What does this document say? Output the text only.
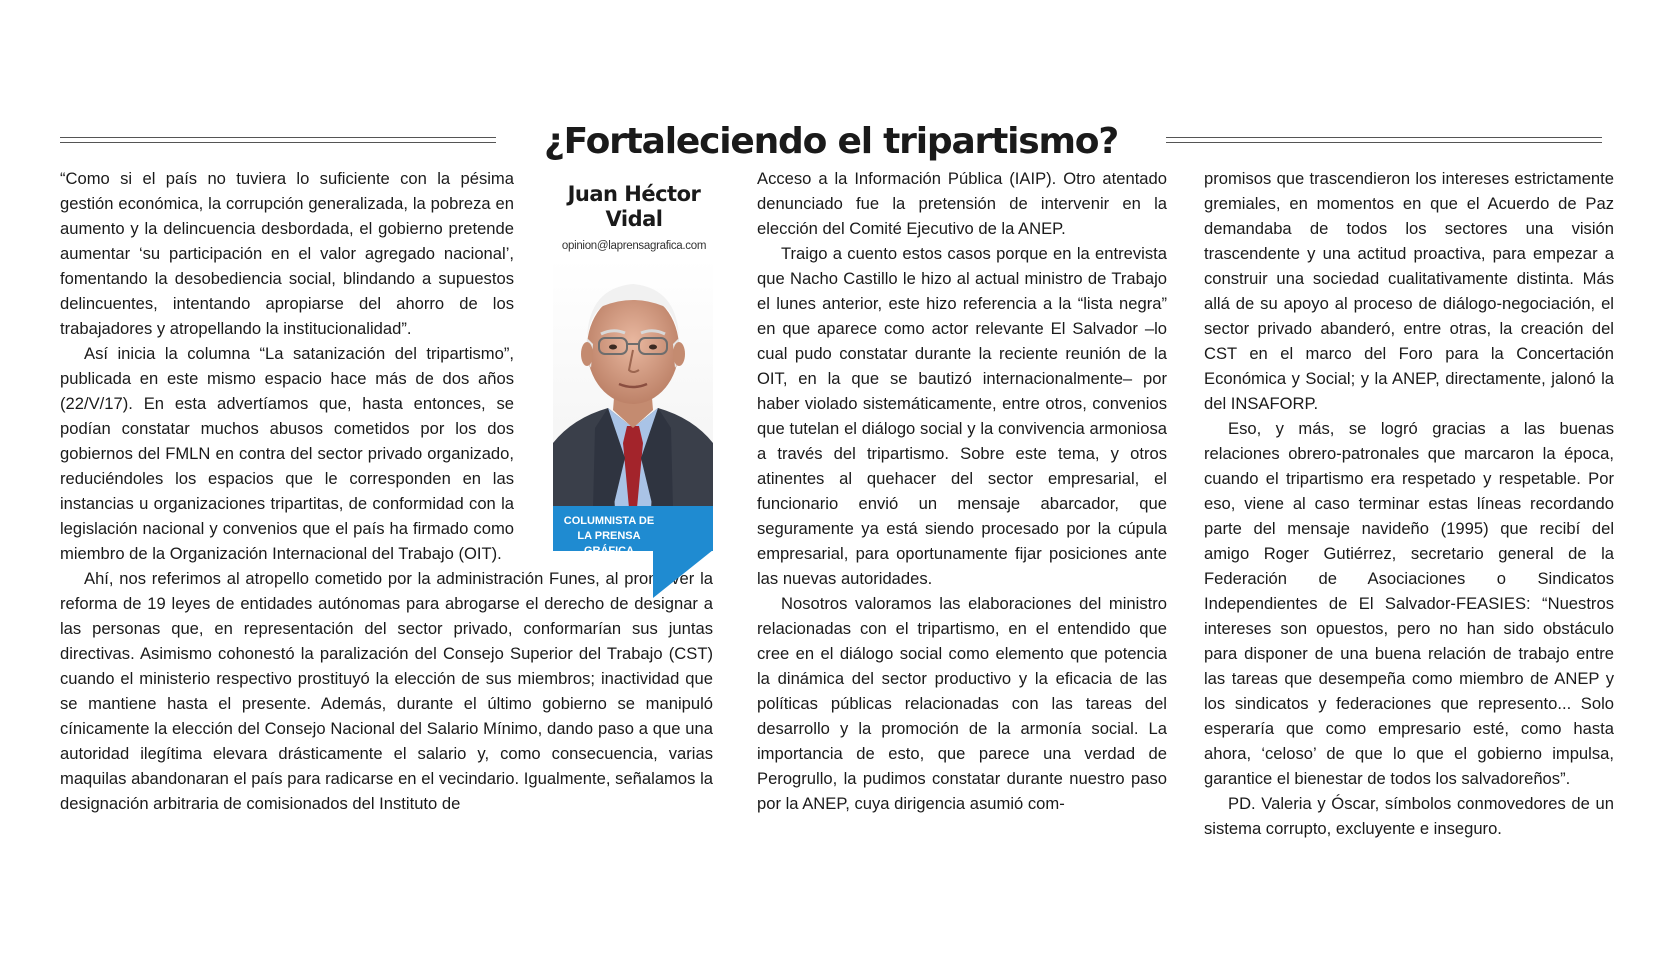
¿Fortaleciendo el tripartismo?

“Como si el país no tuviera lo suficiente con la pésima gestión económica, la corrupción generalizada, la pobreza en aumento y la delincuencia desbordada, el gobierno pretende aumentar ‘su participación en el valor agregado nacional’, fomentando la desobediencia social, blindando a supuestos delincuentes, intentando apropiarse del ahorro de los trabajadores y atropellando la institucionalidad”.

Así inicia la columna “La satanización del tripartismo”, publicada en este mismo espacio hace más de dos años (22/V/17). En esta advertíamos que, hasta entonces, se podían constatar muchos abusos cometidos por los dos gobiernos del FMLN en contra del sector privado organizado, reduciéndoles los espacios que le corresponden en las instancias u organizaciones tripartitas, de conformidad con la legislación nacional y convenios que el país ha firmado como miembro de la Organización Internacional del Trabajo (OIT).

Ahí, nos referimos al atropello cometido por la administración Funes, al promover la reforma de 19 leyes de entidades autónomas para abrogarse el derecho de designar a las personas que, en representación del sector privado, conformarían sus juntas directivas. Asimismo cohonestó la paralización del Consejo Superior del Trabajo (CST) cuando el ministerio respectivo prostituyó la elección de sus miembros; inactividad que se mantiene hasta el presente. Además, durante el último gobierno se manipuló cínicamente la elección del Consejo Nacional del Salario Mínimo, dando paso a que una autoridad ilegítima elevara drásticamente el salario y, como consecuencia, varias maquilas abandonaran el país para radicarse en el vecindario. Igualmente, señalamos la designación arbitraria de comisionados del Instituto de

Juan Héctor
Vidal
opinion@laprensagrafica.com
COLUMNISTA DE
LA PRENSA GRÁFICA

Acceso a la Información Pública (IAIP). Otro atentado denunciado fue la pretensión de intervenir en la elección del Comité Ejecutivo de la ANEP.

Traigo a cuento estos casos porque en la entrevista que Nacho Castillo le hizo al actual ministro de Trabajo el lunes anterior, este hizo referencia a la “lista negra” en que aparece como actor relevante El Salvador –lo cual pudo constatar durante la reciente reunión de la OIT, en la que se bautizó internacionalmente– por haber violado sistemáticamente, entre otros, convenios que tutelan el diálogo social y la convivencia armoniosa a través del tripartismo. Sobre este tema, y otros atinentes al quehacer del sector empresarial, el funcionario envió un mensaje abarcador, que seguramente ya está siendo procesado por la cúpula empresarial, para oportunamente fijar posiciones ante las nuevas autoridades.

Nosotros valoramos las elaboraciones del ministro relacionadas con el tripartismo, en el entendido que cree en el diálogo social como elemento que potencia la dinámica del sector productivo y la eficacia de las políticas públicas relacionadas con las tareas del desarrollo y la promoción de la armonía social. La importancia de esto, que parece una verdad de Perogrullo, la pudimos constatar durante nuestro paso por la ANEP, cuya dirigencia asumió com-

promisos que trascendieron los intereses estrictamente gremiales, en momentos en que el Acuerdo de Paz demandaba de todos los sectores una visión trascendente y una actitud proactiva, para empezar a construir una sociedad cualitativamente distinta. Más allá de su apoyo al proceso de diálogo-negociación, el sector privado abanderó, entre otras, la creación del CST en el marco del Foro para la Concertación Económica y Social; y la ANEP, directamente, jalonó la del INSAFORP.

Eso, y más, se logró gracias a las buenas relaciones obrero-patronales que marcaron la época, cuando el tripartismo era respetado y respetable. Por eso, viene al caso terminar estas líneas recordando parte del mensaje navideño (1995) que recibí del amigo Roger Gutiérrez, secretario general de la Federación de Asociaciones o Sindicatos Independientes de El Salvador-FEASIES: “Nuestros intereses son opuestos, pero no han sido obstáculo para disponer de una buena relación de trabajo entre las tareas que desempeña como miembro de ANEP y los sindicatos y federaciones que represento... Solo esperaría que como empresario esté, como hasta ahora, ‘celoso’ de que lo que el gobierno impulsa, garantice el bienestar de todos los salvadoreños”.

PD. Valeria y Óscar, símbolos conmovedores de un sistema corrupto, excluyente e inseguro.
